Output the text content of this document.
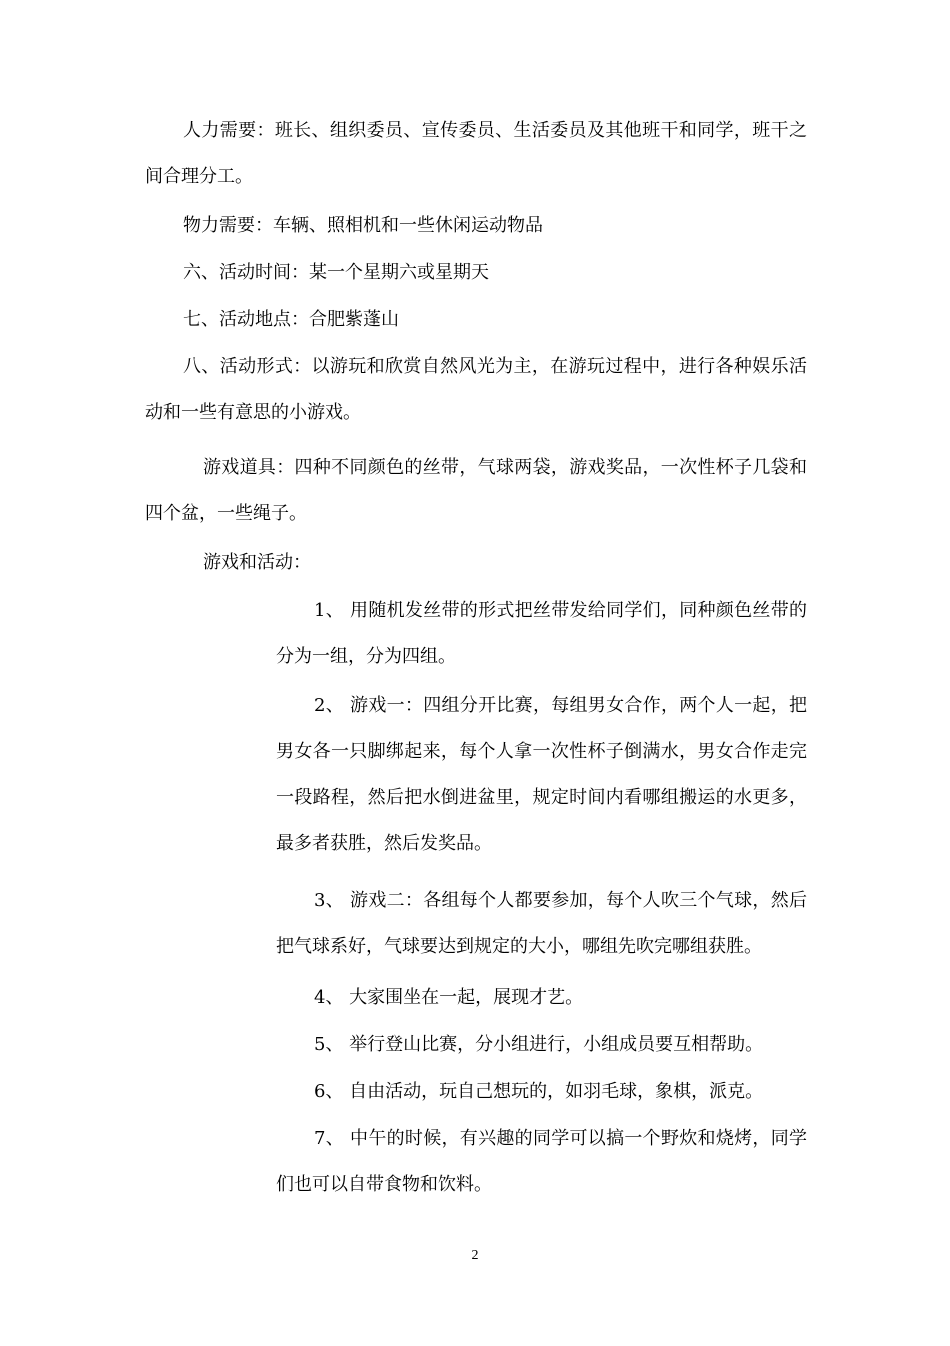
人力需要：班长、组织委员、宣传委员、生活委员及其他班干和同学，班干之间合理分工。

物力需要：车辆、照相机和一些休闲运动物品

六、活动时间：某一个星期六或星期天

七、活动地点：合肥紫蓬山

八、活动形式：以游玩和欣赏自然风光为主，在游玩过程中，进行各种娱乐活动和一些有意思的小游戏。

游戏道具：四种不同颜色的丝带，气球两袋，游戏奖品，一次性杯子几袋和四个盆，一些绳子。

游戏和活动：

1、 用随机发丝带的形式把丝带发给同学们，同种颜色丝带的分为一组，分为四组。

2、 游戏一：四组分开比赛，每组男女合作，两个人一起，把男女各一只脚绑起来，每个人拿一次性杯子倒满水，男女合作走完一段路程，然后把水倒进盆里，规定时间内看哪组搬运的水更多，最多者获胜，然后发奖品。

3、 游戏二：各组每个人都要参加，每个人吹三个气球，然后把气球系好，气球要达到规定的大小，哪组先吹完哪组获胜。

4、 大家围坐在一起，展现才艺。

5、 举行登山比赛，分小组进行，小组成员要互相帮助。

6、 自由活动，玩自己想玩的，如羽毛球，象棋，派克。

7、 中午的时候，有兴趣的同学可以搞一个野炊和烧烤，同学们也可以自带食物和饮料。

2
